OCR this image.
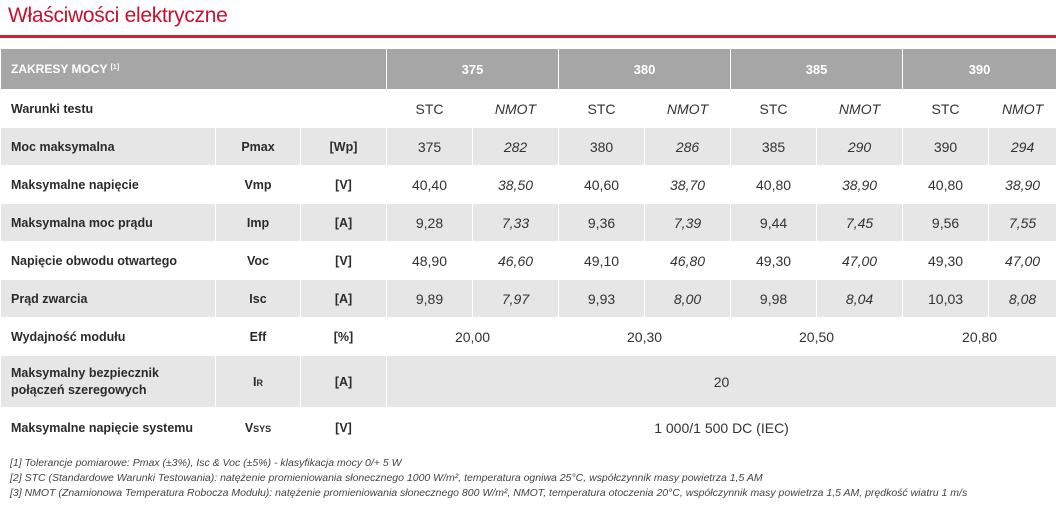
Właściwości elektryczne
ZAKRESY MOCY [1]			375		380		385		390	
Warunki testu			STC	NMOT	STC	NMOT	STC	NMOT	STC	NMOT
Moc maksymalna	Pmax	[Wp]	375	282	380	286	385	290	390	294
Maksymalne napięcie	Vmp	[V]	40,40	38,50	40,60	38,70	40,80	38,90	40,80	38,90
Maksymalna moc prądu	Imp	[A]	9,28	7,33	9,36	7,39	9,44	7,45	9,56	7,55
Napięcie obwodu otwartego	Voc	[V]	48,90	46,60	49,10	46,80	49,30	47,00	49,30	47,00
Prąd zwarcia	Isc	[A]	9,89	7,97	9,93	8,00	9,98	8,04	10,03	8,08
Wydajność modułu	Eff	[%]	20,00		20,30		20,50		20,80	
Maksymalny bezpiecznik
połączeń szeregowych	IR	[A]	20							
Maksymalne napięcie systemu	VSYS	[V]	1 000/1 500 DC (IEC)							
[1] Tolerancje pomiarowe: Pmax (±3%), Isc & Voc (±5%) - klasyfikacja mocy 0/+ 5 W
[2] STC (Standardowe Warunki Testowania): natężenie promieniowania słonecznego 1000 W/m², temperatura ogniwa 25°C, współczynnik masy powietrza 1,5 AM
[3] NMOT (Znamionowa Temperatura Robocza Modułu): natężenie promieniowania słonecznego 800 W/m², NMOT, temperatura otoczenia 20°C, współczynnik masy powietrza 1,5 AM, prędkość wiatru 1 m/s
